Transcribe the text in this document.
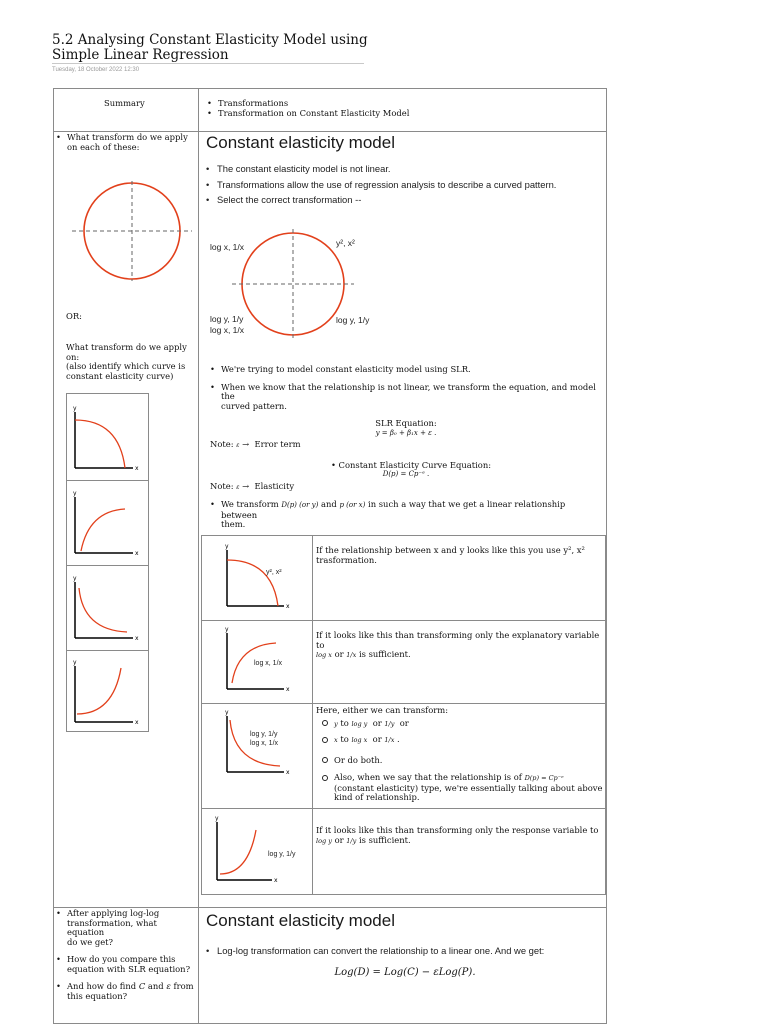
5.2 Analysing Constant Elasticity Model using
Simple Linear Regression
Tuesday, 18 October 2022 12:30
Summary
•	Transformations
• Transformation on Constant Elasticity Model
• What transform do we apply
on each of these:
OR:
What transform do we apply
on:
(also identify which curve is
constant elasticity curve)
y
x
y
x
y
x
y
x
Constant elasticity model
• The constant elasticity model is not linear.
• Transformations allow the use of regression analysis to describe a curved pattern.
• Select the correct transformation --
log x, 1/x	y², x²
log y, 1/y
log x, 1/x
log y, 1/y
• We're trying to model constant elasticity model using SLR.
• When we know that the relationship is not linear, we transform the equation, and model the
curved pattern.
SLR Equation:
y = β₀ + β₁x + ε .
Note: ε → Error term
• Constant Elasticity Curve Equation:
D(p) = Cp⁻ᵉ .
Note: ε → Elasticity
• We transform D(p) (or y) and p (or x) in such a way that we get a linear relationship between
them.
y
x
y², x²
If the relationship between x and y looks like this you use y², x²
trasformation.
y
x
log x, 1/x
If it looks like this than transforming only the explanatory variable to
log x or 1/x is sufficient.
y
x
log y, 1/y
log x, 1/x
Here, either we can transform:
y to log y or 1/y or
x to log x or 1/x .
Or do both.
Also, when we say that the relationship is of D(p) = Cp⁻ᵉ
(constant elasticity) type, we're essentially talking about above
kind of relationship.
y
x
log y, 1/y
If it looks like this than transforming only the response variable to
log y or 1/y is sufficient.
• After applying log-log
transformation, what equation
do we get?
• How do you compare this
equation with SLR equation?
• And how do find C and ε from
this equation?
Constant elasticity model
• Log-log transformation can convert the relationship to a linear one. And we get:
Log(D) = Log(C) − εLog(P).
